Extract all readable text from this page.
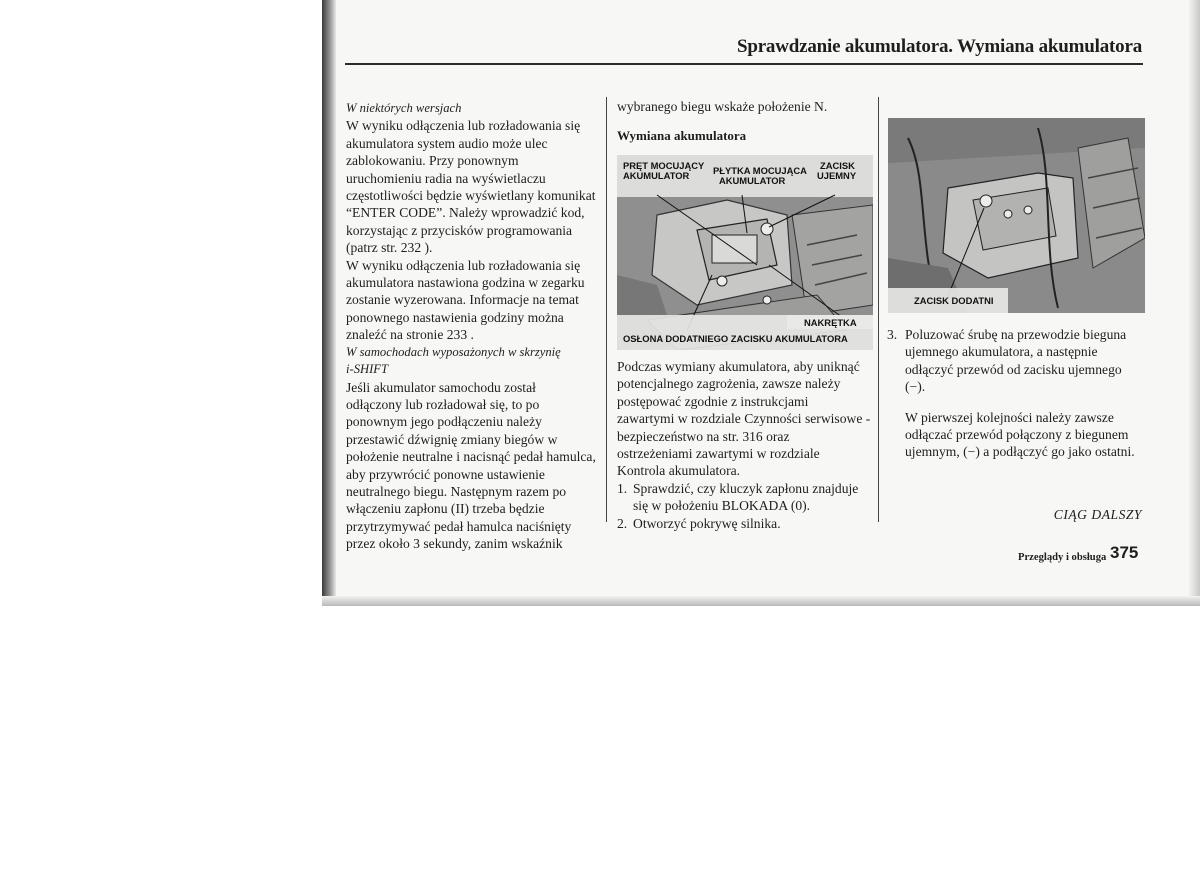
Sprawdzanie akumulatora. Wymiana akumulatora

W niektórych wersjach

W wyniku odłączenia lub rozładowania się

akumulatora system audio może ulec

zablokowaniu. Przy ponownym

uruchomieniu radia na wyświetlaczu

częstotliwości będzie wyświetlany komunikat

“ENTER CODE”. Należy wprowadzić kod,

korzystając z przycisków programowania

(patrz str. 232 ).

W wyniku odłączenia lub rozładowania się

akumulatora nastawiona godzina w zegarku

zostanie wyzerowana. Informacje na temat

ponownego nastawienia godziny można

znaleźć na stronie 233 .

W samochodach wyposażonych w skrzynię

i-SHIFT

Jeśli akumulator samochodu został

odłączony lub rozładował się, to po

ponownym jego podłączeniu należy

przestawić dźwignię zmiany biegów w

położenie neutralne i nacisnąć pedał hamulca,

aby przywrócić ponowne ustawienie

neutralnego biegu. Następnym razem po

włączeniu zapłonu (II) trzeba będzie

przytrzymywać pedał hamulca naciśnięty

przez około 3 sekundy, zanim wskaźnik

wybranego biegu wskaże położenie N.

Wymiana akumulatora

PRĘT MOCUJĄCY
AKUMULATOR	PŁYTKA MOCUJĄCA
AKUMULATOR
ZACISK
UJEMNY
NAKRĘTKA
OSŁONA DODATNIEGO ZACISKU AKUMULATORA

Podczas wymiany akumulatora, aby uniknąć

potencjalnego zagrożenia, zawsze należy

postępować zgodnie z instrukcjami

zawartymi w rozdziale Czynności serwisowe -

bezpieczeństwo na str. 316 oraz

ostrzeżeniami zawartymi w rozdziale

Kontrola akumulatora.

1. Sprawdzić, czy kluczyk zapłonu znajduje
się w położeniu BLOKADA (0).
2. Otworzyć pokrywę silnika.
ZACISK DODATNI
3. Poluzować śrubę na przewodzie bieguna
ujemnego akumulatora, a następnie
odłączyć przewód od zacisku ujemnego
(−).

W pierwszej kolejności należy zawsze

odłączać przewód połączony z biegunem

ujemnym, (−) a podłączyć go jako ostatni.

CIĄG DALSZY
Przeglądy i obsługa 375
